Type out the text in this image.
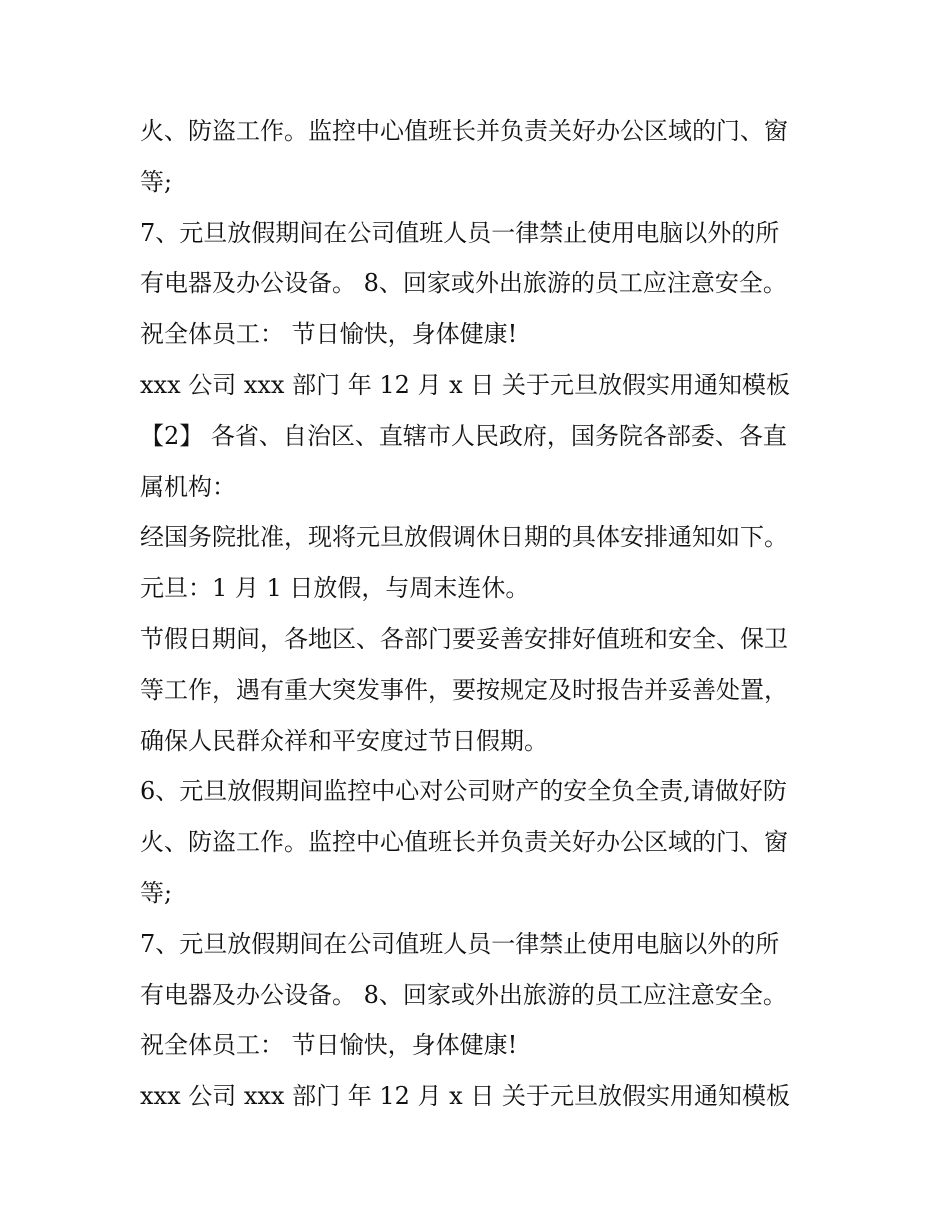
火、防盗工作。监控中心值班长并负责关好办公区域的门、窗
等;
7、元旦放假期间在公司值班人员一律禁止使用电脑以外的所
有电器及办公设备。 8、回家或外出旅游的员工应注意安全。
祝全体员工： 节日愉快，身体健康!
xxx 公司 xxx 部门 年 12 月 x 日 关于元旦放假实用通知模板
【2】 各省、自治区、直辖市人民政府，国务院各部委、各直
属机构：
经国务院批准，现将元旦放假调休日期的具体安排通知如下。
元旦：1 月 1 日放假，与周末连休。
节假日期间，各地区、各部门要妥善安排好值班和安全、保卫
等工作，遇有重大突发事件，要按规定及时报告并妥善处置，
确保人民群众祥和平安度过节日假期。
6、元旦放假期间监控中心对公司财产的安全负全责,请做好防
火、防盗工作。监控中心值班长并负责关好办公区域的门、窗
等;
7、元旦放假期间在公司值班人员一律禁止使用电脑以外的所
有电器及办公设备。 8、回家或外出旅游的员工应注意安全。
祝全体员工： 节日愉快，身体健康!
xxx 公司 xxx 部门 年 12 月 x 日 关于元旦放假实用通知模板
